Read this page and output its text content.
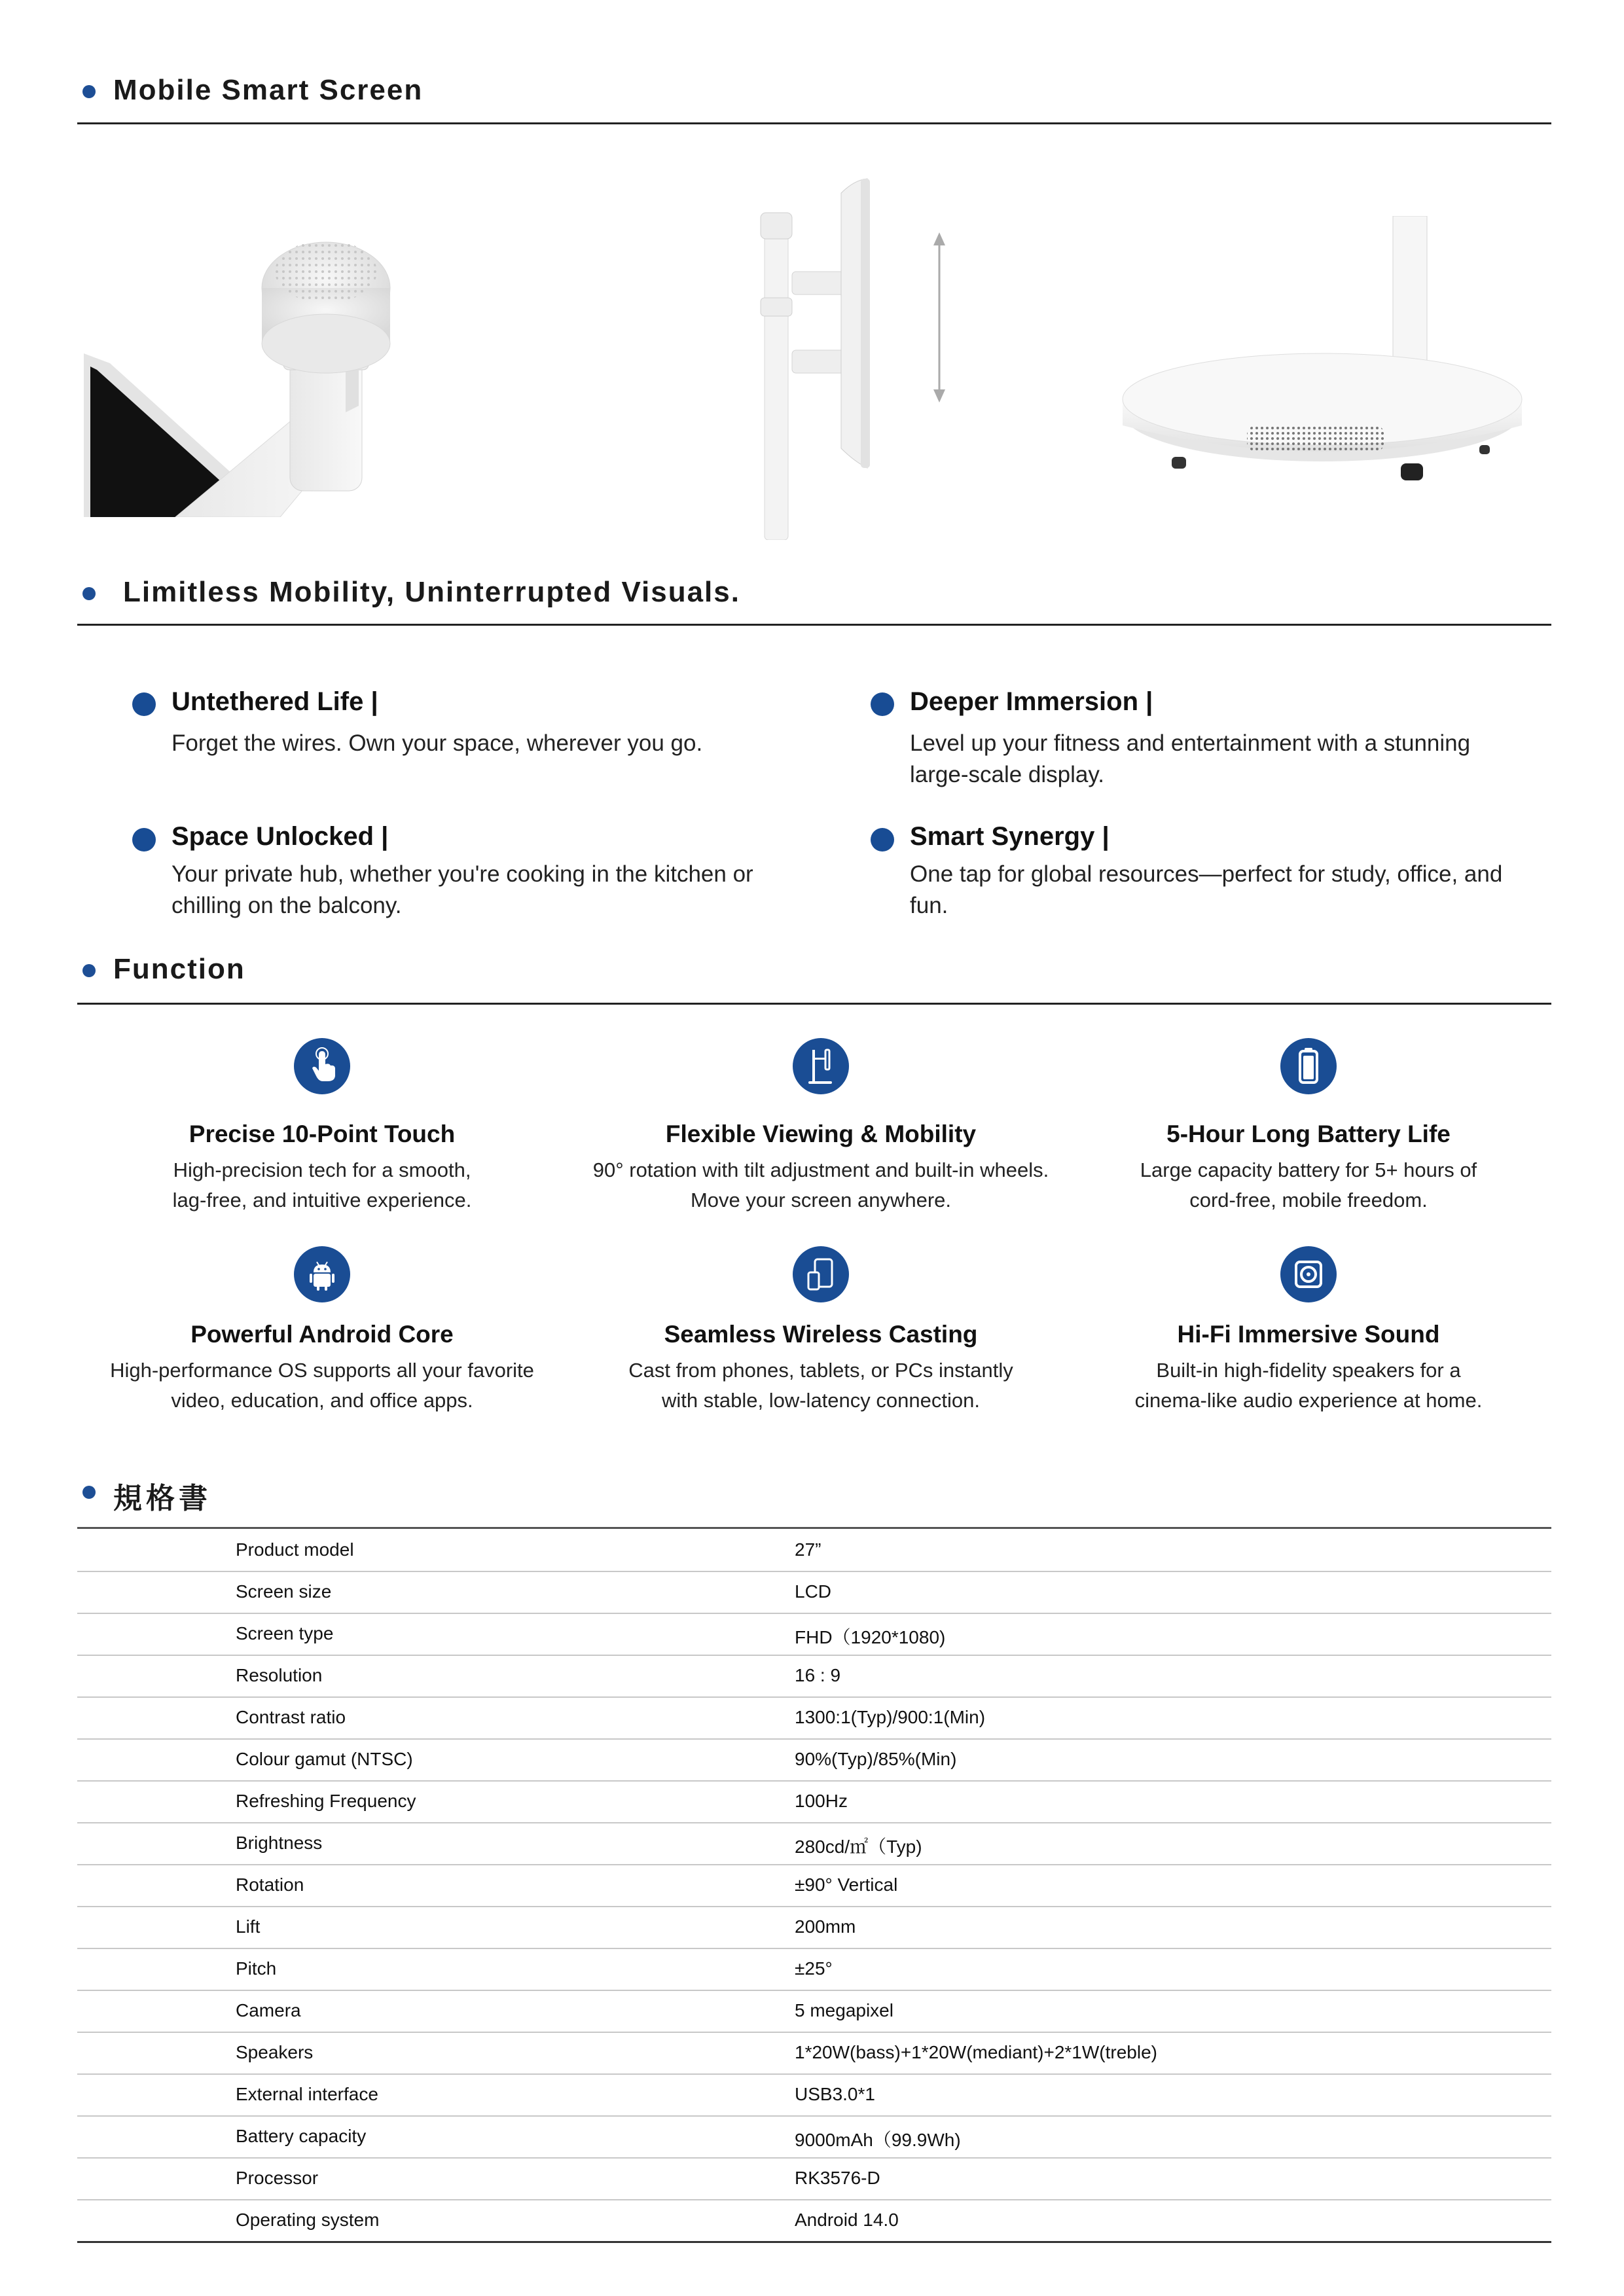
Mobile Smart Screen
Limitless Mobility, Uninterrupted Visuals.
Untethered Life |
Forget the wires. Own your space, wherever you go.
Deeper Immersion |
Level up your fitness and entertainment with a stunning large-scale display.
Space Unlocked |
Your private hub, whether you're cooking in the kitchen or chilling on the balcony.
Smart Synergy |
One tap for global resources—perfect for study, office, and fun.
Function
Precise 10-Point Touch
High-precision tech for a smooth,
lag-free, and intuitive experience.
Flexible Viewing & Mobility
90° rotation with tilt adjustment and built-in wheels.
Move your screen anywhere.
5-Hour Long Battery Life
Large capacity battery for 5+ hours of
cord-free, mobile freedom.
Powerful Android Core
High-performance OS supports all your favorite
video, education, and office apps.
Seamless Wireless Casting
Cast from phones, tablets, or PCs instantly
with stable, low-latency connection.
Hi-Fi Immersive Sound
Built-in high-fidelity speakers for a
cinema-like audio experience at home.
規格書
Product model	27”
Screen size	LCD
Screen type	FHD（1920*1080)
Resolution	16 : 9
Contrast ratio	1300:1(Typ)/900:1(Min)
Colour gamut (NTSC)	90%(Typ)/85%(Min)
Refreshing Frequency	100Hz
Brightness	280cd/㎡（Typ)
Rotation	±90° Vertical
Lift	200mm
Pitch	±25°
Camera	5 megapixel
Speakers	1*20W(bass)+1*20W(mediant)+2*1W(treble)
External interface	USB3.0*1
Battery capacity	9000mAh（99.9Wh)
Processor	RK3576-D
Operating system	Android 14.0
